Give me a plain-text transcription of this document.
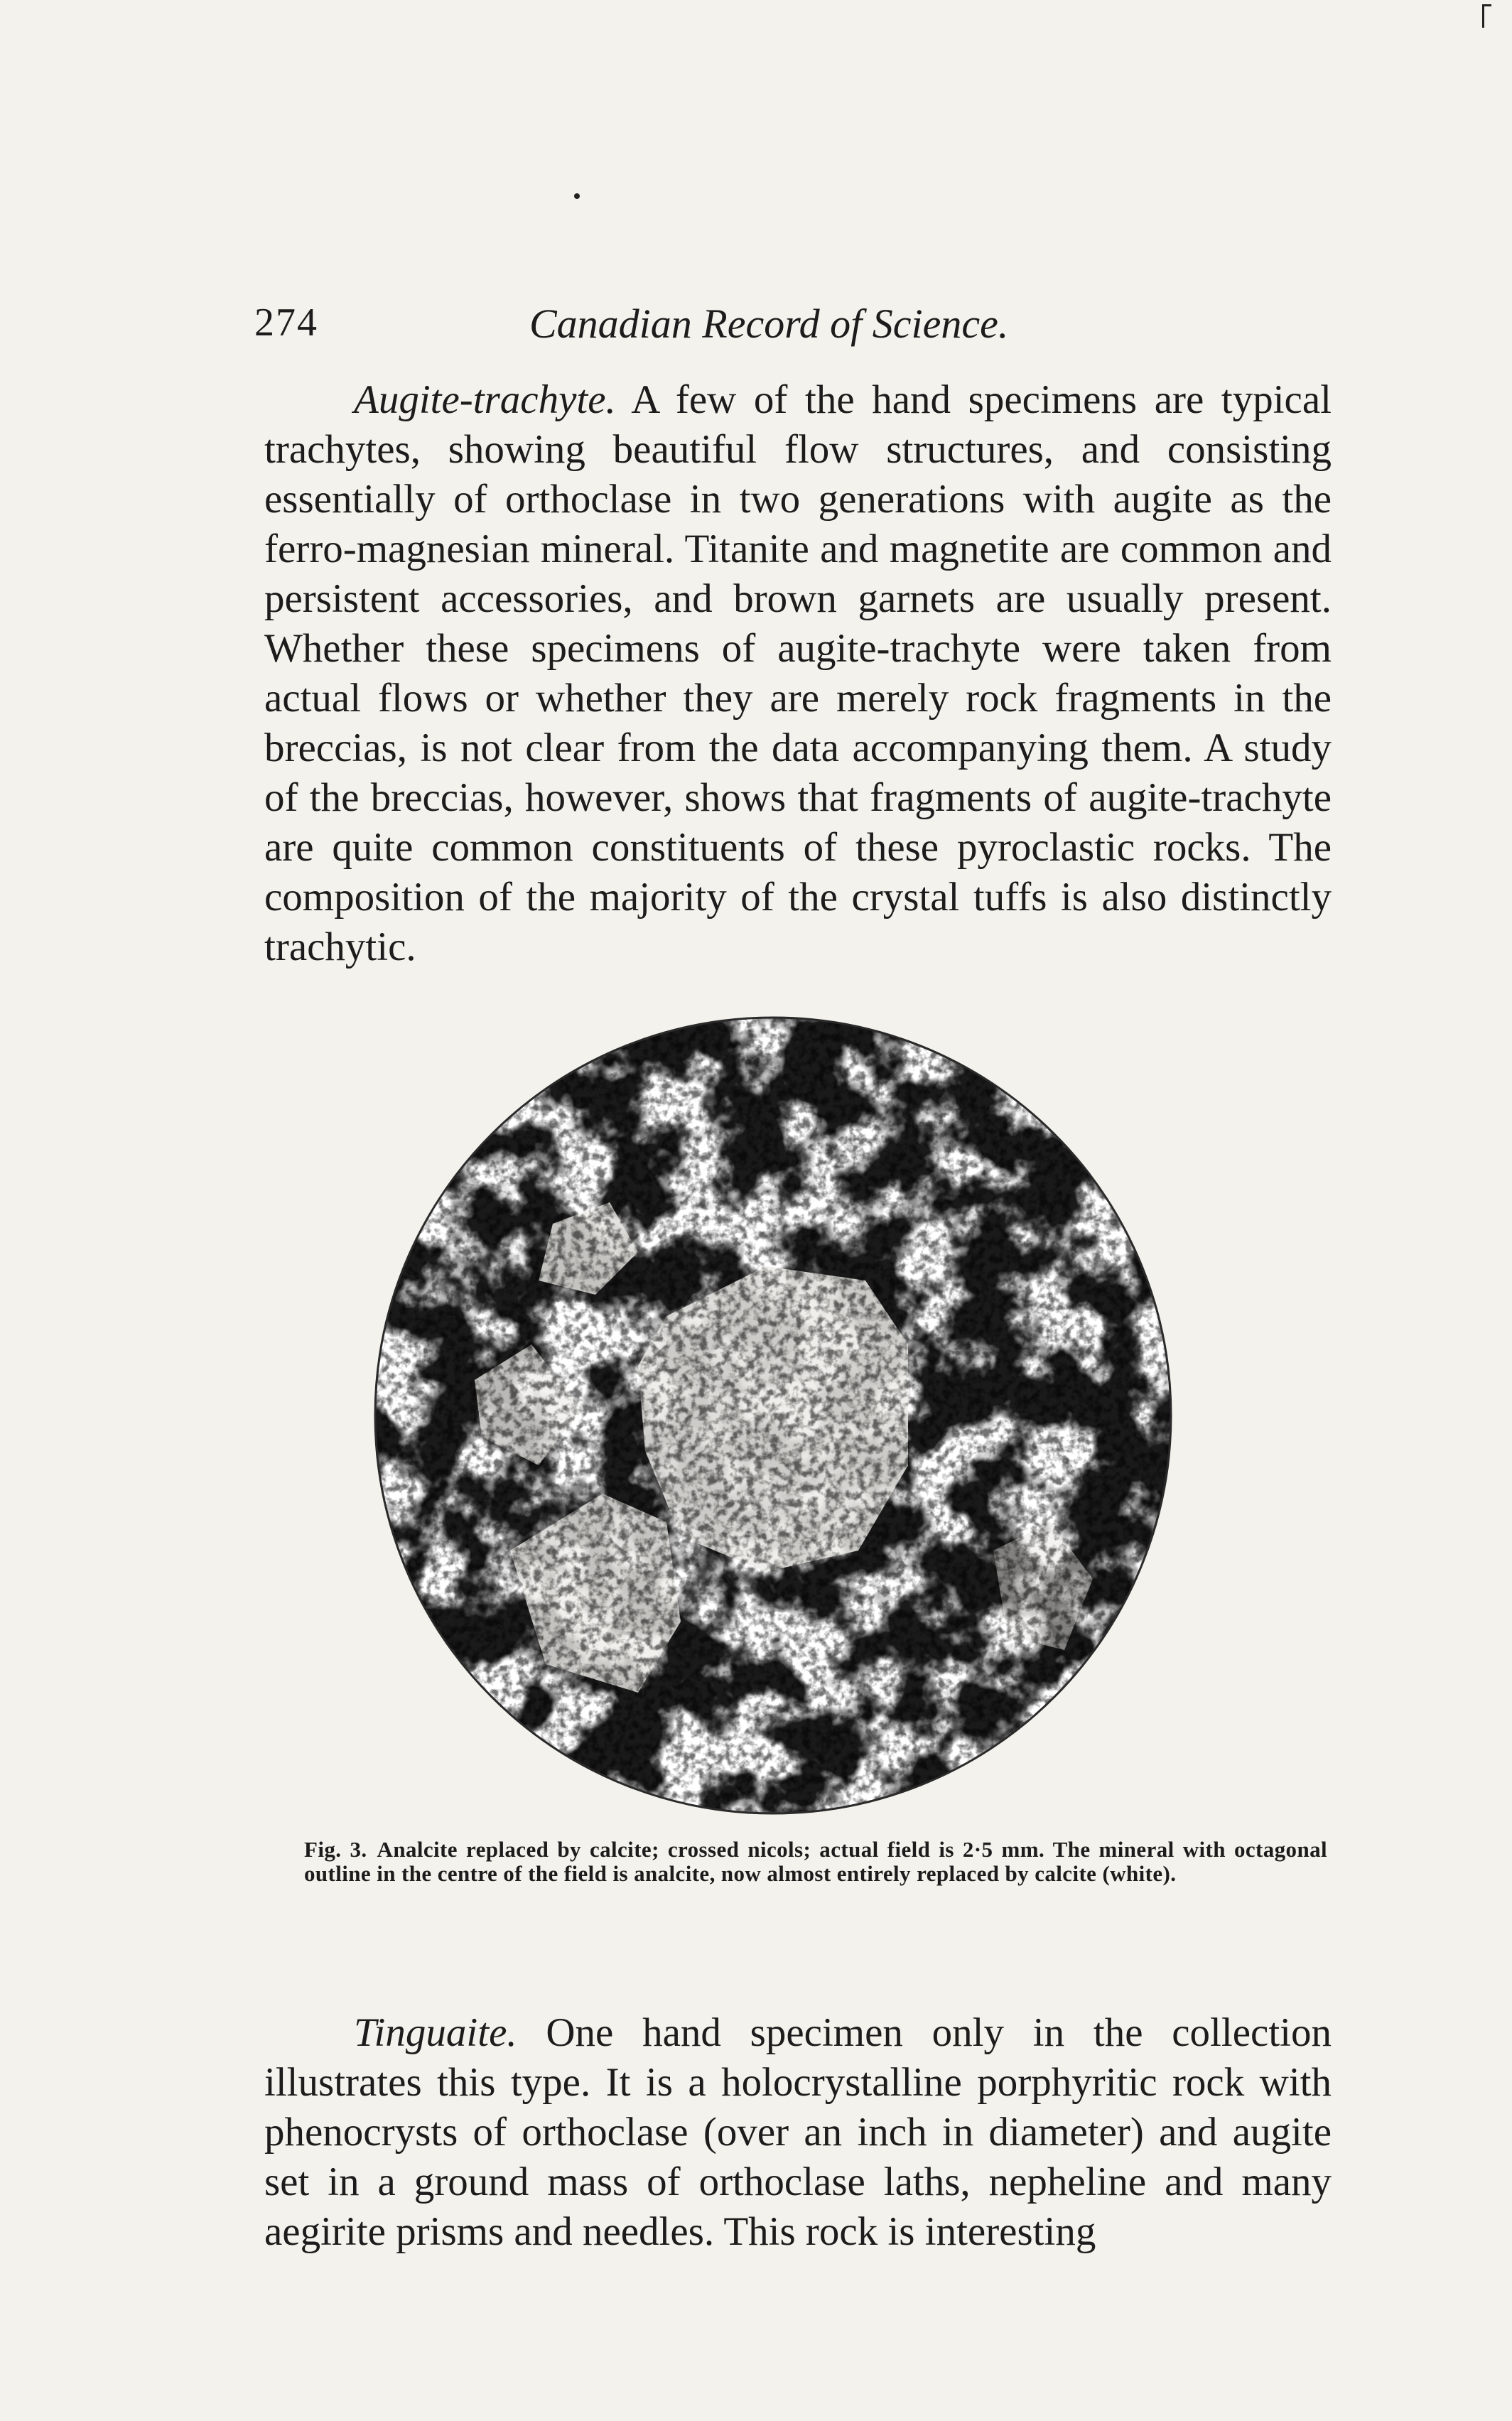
274	Canadian Record of Science.

Augite-trachyte. A few of the hand specimens are typical trachytes, showing beautiful flow structures, and consisting essentially of orthoclase in two generations with augite as the ferro-magnesian mineral. Titanite and magnetite are common and persistent accessories, and brown garnets are usually present. Whether these specimens of augite-trachyte were taken from actual flows or whether they are merely rock fragments in the breccias, is not clear from the data accompanying them. A study of the breccias, however, shows that fragments of augite-trachyte are quite common constituents of these pyroclastic rocks. The composition of the majority of the crystal tuffs is also distinctly trachytic.

Fig. 3. Analcite replaced by calcite; crossed nicols; actual field is 2·5 mm. The mineral with octagonal outline in the centre of the field is analcite, now almost entirely replaced by calcite (white).

Tinguaite. One hand specimen only in the collection illustrates this type. It is a holocrystalline porphyritic rock with phenocrysts of orthoclase (over an inch in diameter) and augite set in a ground mass of orthoclase laths, nepheline and many aegirite prisms and needles. This rock is interesting
